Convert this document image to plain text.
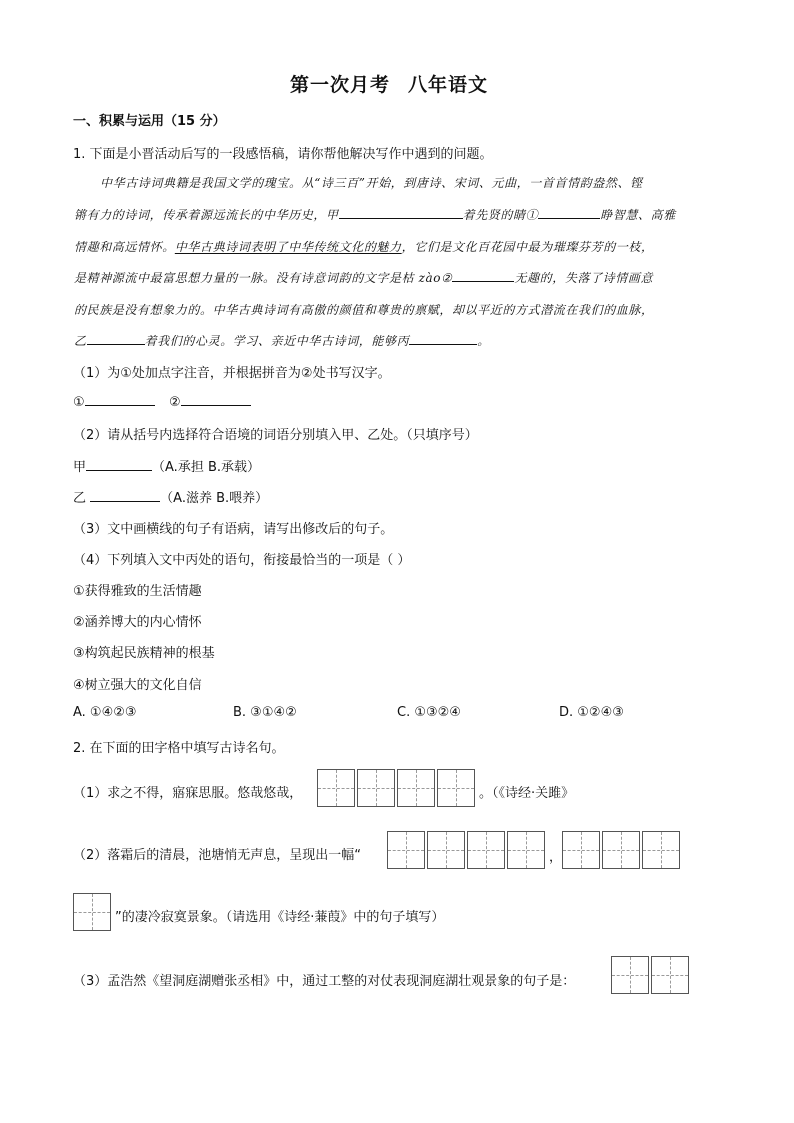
第一次月考 八年语文
一、积累与运用（15 分）
1. 下面是小晋活动后写的一段感悟稿，请你帮他解决写作中遇到的问题。
中华古诗词典籍是我国文学的瑰宝。从“诗三百”开始，到唐诗、宋词、元曲，一首首情韵盎然、铿
锵有力的诗词，传承着源远流长的中华历史，甲	着先贤的睛①	睁智慧、高雅
情趣和高远情怀。中华古典诗词表明了中华传统文化的魅力，它们是文化百花园中最为璀璨芬芳的一枝，
是精神源流中最富思想力量的一脉。没有诗意词韵的文字是枯 zào②	无趣的，失落了诗情画意
的民族是没有想象力的。中华古典诗词有高傲的颜值和尊贵的禀赋，却以平近的方式潜流在我们的血脉，
乙	着我们的心灵。学习、亲近中华古诗词，能够丙	。
（1）为①处加点字注音，并根据拼音为②处书写汉字。
①	②
（2）请从括号内选择符合语境的词语分别填入甲、乙处。（只填序号）
甲	（A.承担 B.承载）
乙	（A.滋养 B.喂养）
（3）文中画横线的句子有语病，请写出修改后的句子。
（4）下列填入文中丙处的语句，衔接最恰当的一项是（ ）
①获得雅致的生活情趣
②涵养博大的内心情怀
③构筑起民族精神的根基
④树立强大的文化自信
A. ①④②③	B. ③①④②	C. ①③②④	D. ①②④③
2. 在下面的田字格中填写古诗名句。
（1）求之不得，寤寐思服。悠哉悠哉，	。（《诗经·关雎》
（2）落霜后的清晨，池塘悄无声息，呈现出一幅“	，
”的凄冷寂寞景象。（请选用《诗经·蒹葭》中的句子填写）
（3）孟浩然《望洞庭湖赠张丞相》中，通过工整的对仗表现洞庭湖壮观景象的句子是：
